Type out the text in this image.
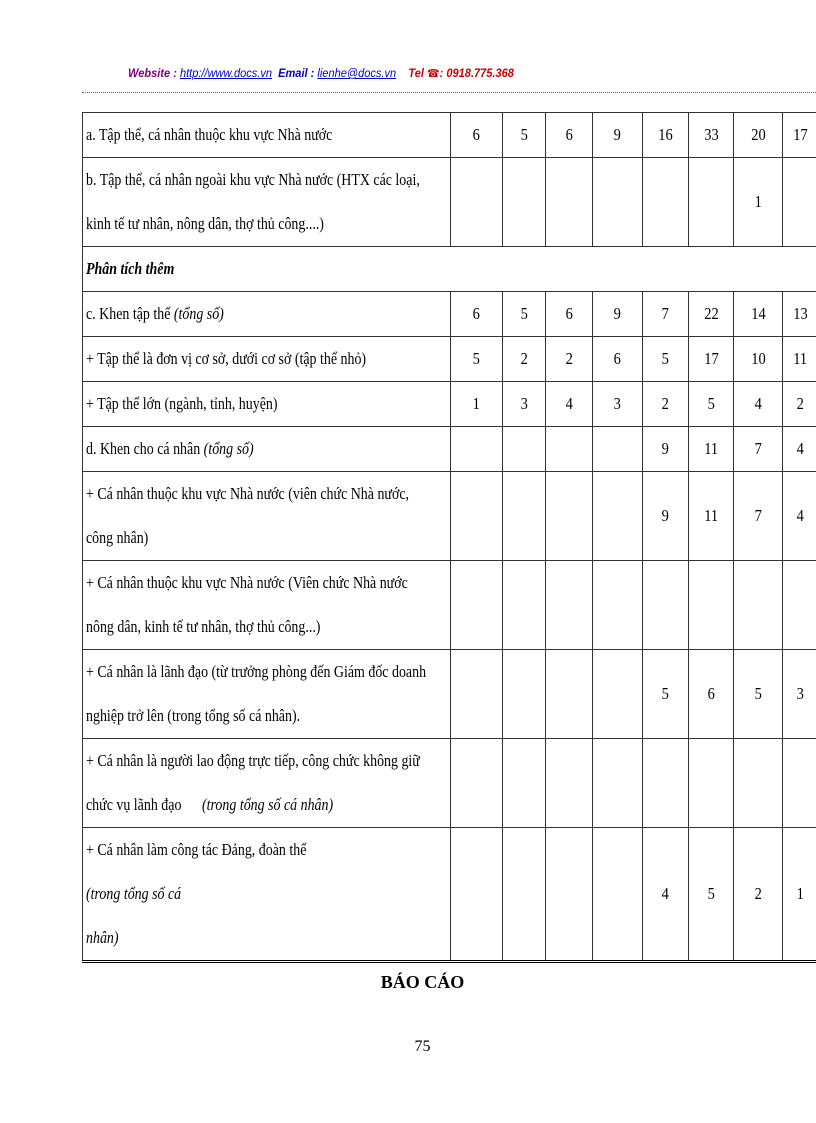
Website : http://www.docs.vn Email : lienhe@docs.vn Tel ☎: 0918.775.368
a. Tập thể, cá nhân thuộc khu vực Nhà nước	6	5	6	9	16	33	20	17

b. Tập thể, cá nhân ngoài khu vực Nhà nước (HTX các loại,
kinh tế tư nhân, nông dân, thợ thủ công....)							1	
Phân tích thêm								

c. Khen tập thể (tổng số)	6	5	6	9	7	22	14	13

+ Tập thể là đơn vị cơ sở, dưới cơ sở (tập thể nhỏ)	5	2	2	6	5	17	10	11

+ Tập thể lớn (ngành, tỉnh, huyện)	1	3	4	3	2	5	4	2

d. Khen cho cá nhân (tổng số)					9	11	7	4

+ Cá nhân thuộc khu vực Nhà nước (viên chức Nhà nước,
công nhân)					9	11	7	4

+ Cá nhân thuộc khu vực Nhà nước (Viên chức Nhà nước
nông dân, kinh tế tư nhân, thợ thủ công...)								

+ Cá nhân là lãnh đạo (từ trưởng phòng đến Giám đốc doanh
nghiệp trở lên (trong tổng số cá nhân).					5	6	5	3

+ Cá nhân là người lao động trực tiếp, công chức không giữ
chức vụ lãnh đạo(trong tổng số cá nhân)								

+ Cá nhân làm công tác Đảng, đoàn thể(trong tổng số cá
nhân)					4	5	2	1
BÁO CÁO
75
